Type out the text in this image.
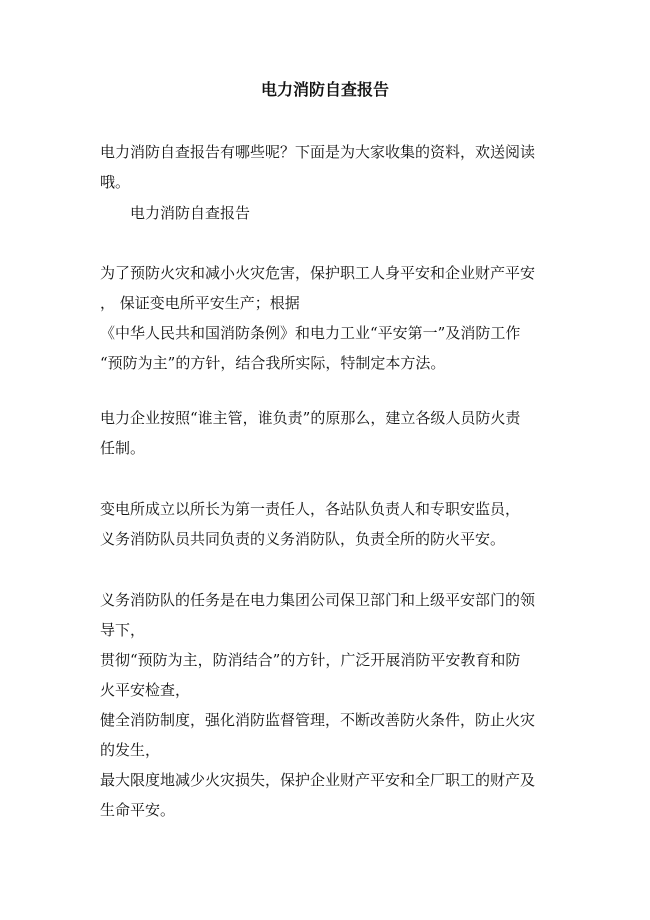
电力消防自查报告
电力消防自查报告有哪些呢？下面是为大家收集的资料，欢送阅读
哦。
电力消防自查报告
为了预防火灾和减小火灾危害，保护职工人身平安和企业财产平安
， 保证变电所平安生产；根据
《中华人民共和国消防条例》和电力工业“平安第一”及消防工作
“预防为主”的方针，结合我所实际，特制定本方法。
电力企业按照“谁主管，谁负责”的原那么，建立各级人员防火责
任制。
变电所成立以所长为第一责任人，各站队负责人和专职安监员，
义务消防队员共同负责的义务消防队，负责全所的防火平安。
义务消防队的任务是在电力集团公司保卫部门和上级平安部门的领
导下，
贯彻“预防为主，防消结合”的方针，广泛开展消防平安教育和防
火平安检查，
健全消防制度，强化消防监督管理，不断改善防火条件，防止火灾
的发生，
最大限度地减少火灾损失，保护企业财产平安和全厂职工的财产及
生命平安。
